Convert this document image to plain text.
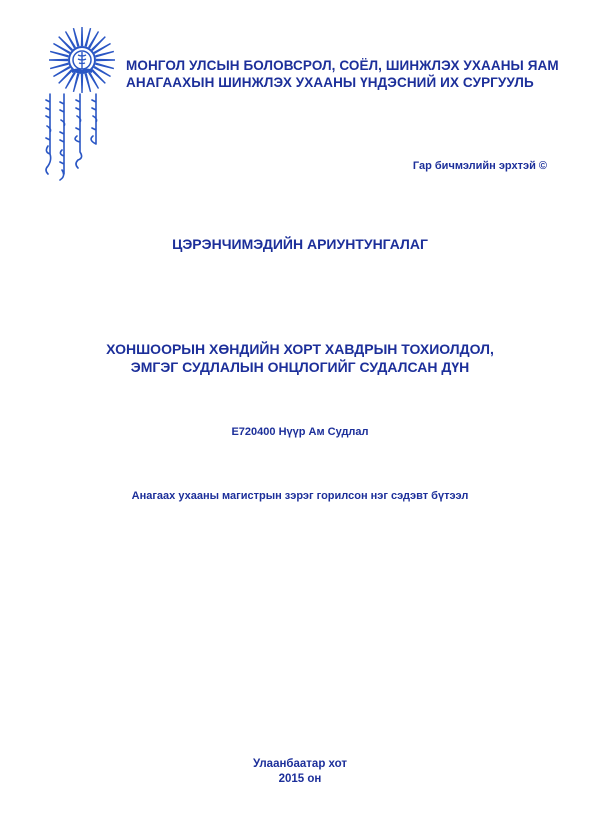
МОНГОЛ УЛСЫН БОЛОВСРОЛ, СОЁЛ, ШИНЖЛЭХ УХААНЫ ЯАМ
АНАГААХЫН ШИНЖЛЭХ УХААНЫ ҮНДЭСНИЙ ИХ СУРГУУЛЬ
Гар бичмэлийн эрхтэй ©
ЦЭРЭНЧИМЭДИЙН АРИУНТУНГАЛАГ
ХОНШООРЫН ХӨНДИЙН ХОРТ ХАВДРЫН ТОХИОЛДОЛ,
ЭМГЭГ СУДЛАЛЫН ОНЦЛОГИЙГ СУДАЛСАН ДҮН
Е720400 Нүүр Ам Судлал
Анагаах ухааны магистрын зэрэг горилсон нэг сэдэвт бүтээл
Улаанбаатар хот
2015 он
